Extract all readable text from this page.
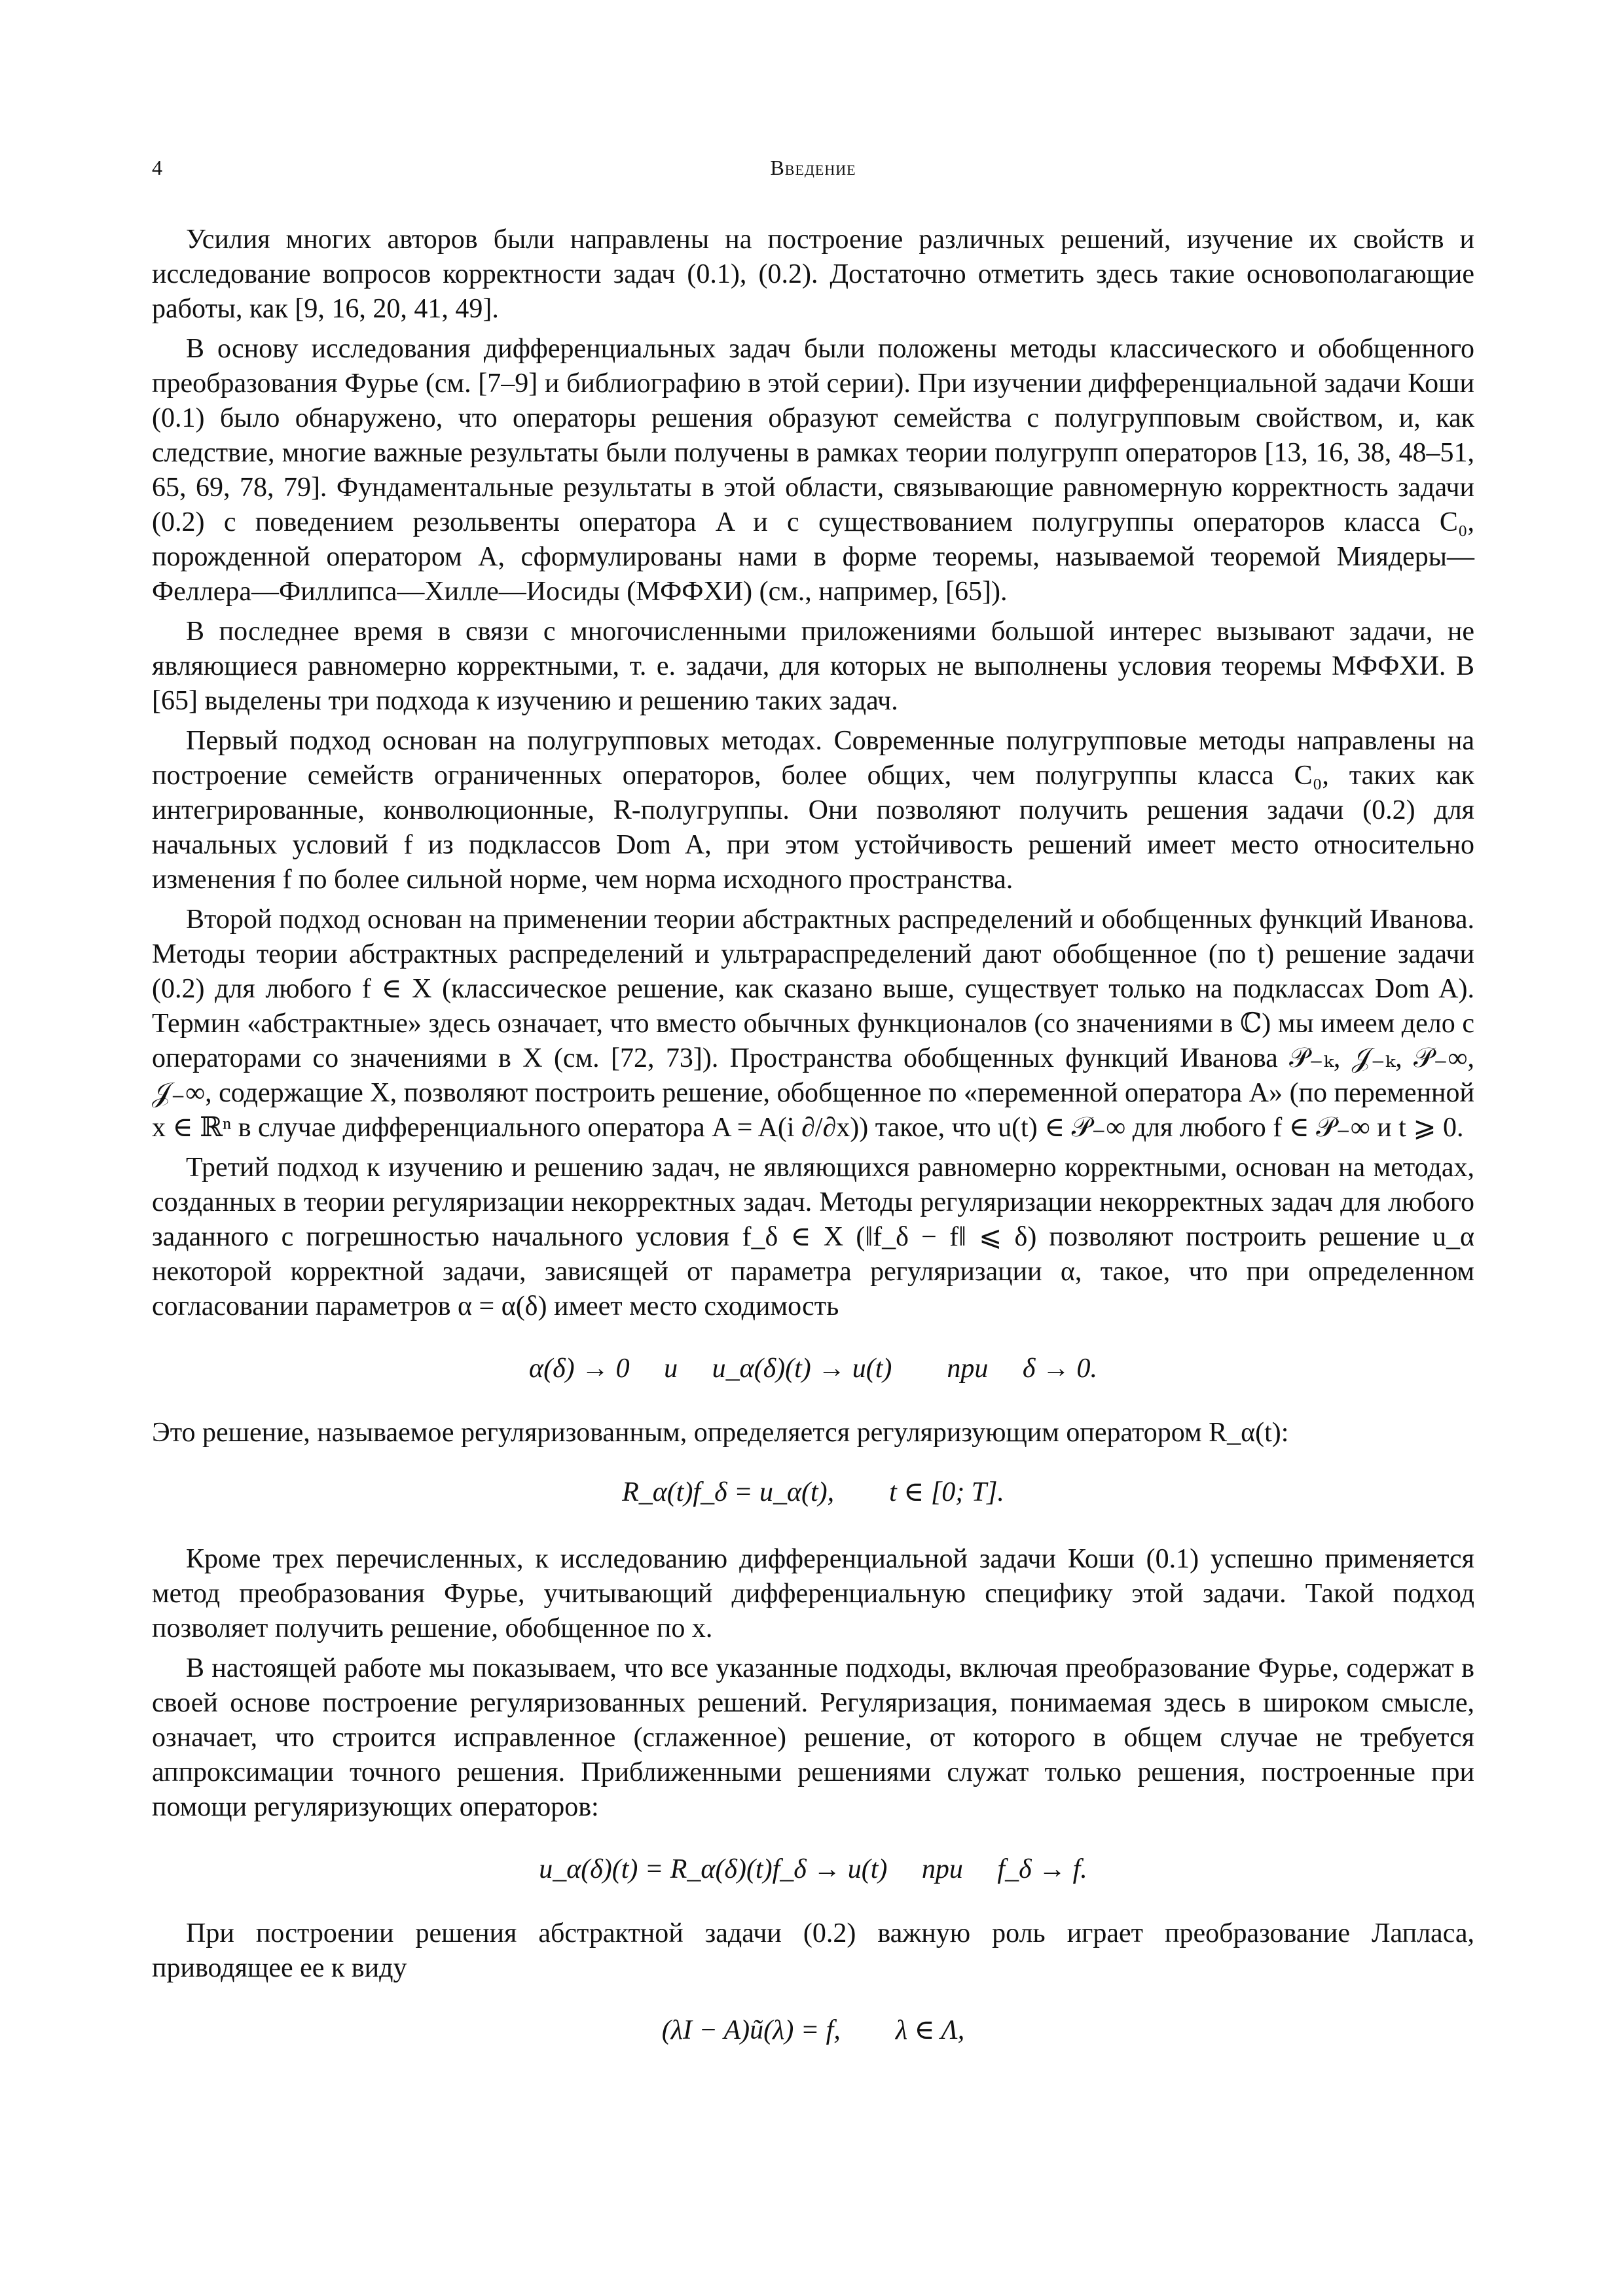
4	Введение

Усилия многих авторов были направлены на построение различных решений, изучение их свойств и исследование вопросов корректности задач (0.1), (0.2). Достаточно отметить здесь такие основополагающие работы, как [9, 16, 20, 41, 49].

В основу исследования дифференциальных задач были положены методы классического и обобщенного преобразования Фурье (см. [7–9] и библиографию в этой серии). При изучении дифференциальной задачи Коши (0.1) было обнаружено, что операторы решения образуют семейства с полугрупповым свойством, и, как следствие, многие важные результаты были получены в рамках теории полугрупп операторов [13, 16, 38, 48–51, 65, 69, 78, 79]. Фундаментальные результаты в этой области, связывающие равномерную корректность задачи (0.2) с поведением резольвенты оператора A и с существованием полугруппы операторов класса C₀, порожденной оператором A, сформулированы нами в форме теоремы, называемой теоремой Миядеры—Феллера—Филлипса—Хилле—Иосиды (МФФХИ) (см., например, [65]).

В последнее время в связи с многочисленными приложениями большой интерес вызывают задачи, не являющиеся равномерно корректными, т. е. задачи, для которых не выполнены условия теоремы МФФХИ. В [65] выделены три подхода к изучению и решению таких задач.

Первый подход основан на полугрупповых методах. Современные полугрупповые методы направлены на построение семейств ограниченных операторов, более общих, чем полугруппы класса C₀, таких как интегрированные, конволюционные, R-полугруппы. Они позволяют получить решения задачи (0.2) для начальных условий f из подклассов Dom A, при этом устойчивость решений имеет место относительно изменения f по более сильной норме, чем норма исходного пространства.

Второй подход основан на применении теории абстрактных распределений и обобщенных функций Иванова. Методы теории абстрактных распределений и ультрараспределений дают обобщенное (по t) решение задачи (0.2) для любого f ∈ X (классическое решение, как сказано выше, существует только на подклассах Dom A). Термин «абстрактные» здесь означает, что вместо обычных функционалов (со значениями в ℂ) мы имеем дело с операторами со значениями в X (см. [72, 73]). Пространства обобщенных функций Иванова 𝒫₋ₖ, 𝒥₋ₖ, 𝒫₋∞, 𝒥₋∞, содержащие X, позволяют построить решение, обобщенное по «переменной оператора A» (по переменной x ∈ ℝⁿ в случае дифференциального оператора A = A(i ∂/∂x)) такое, что u(t) ∈ 𝒫₋∞ для любого f ∈ 𝒫₋∞ и t ⩾ 0.

Третий подход к изучению и решению задач, не являющихся равномерно корректными, основан на методах, созданных в теории регуляризации некорректных задач. Методы регуляризации некорректных задач для любого заданного с погрешностью начального условия f_δ ∈ X (‖f_δ − f‖ ⩽ δ) позволяют построить решение u_α некоторой корректной задачи, зависящей от параметра регуляризации α, такое, что при определенном согласовании параметров α = α(δ) имеет место сходимость

α(δ) → 0     и     u_α(δ)(t) → u(t)        при     δ → 0.

Это решение, называемое регуляризованным, определяется регуляризующим оператором R_α(t):

R_α(t)f_δ = u_α(t),        t ∈ [0; T].

Кроме трех перечисленных, к исследованию дифференциальной задачи Коши (0.1) успешно применяется метод преобразования Фурье, учитывающий дифференциальную специфику этой задачи. Такой подход позволяет получить решение, обобщенное по x.

В настоящей работе мы показываем, что все указанные подходы, включая преобразование Фурье, содержат в своей основе построение регуляризованных решений. Регуляризация, понимаемая здесь в широком смысле, означает, что строится исправленное (сглаженное) решение, от которого в общем случае не требуется аппроксимации точного решения. Приближенными решениями служат только решения, построенные при помощи регуляризующих операторов:

u_α(δ)(t) = R_α(δ)(t)f_δ → u(t)     при     f_δ → f.

При построении решения абстрактной задачи (0.2) важную роль играет преобразование Лапласа, приводящее ее к виду

(λI − A)ũ(λ) = f,        λ ∈ Λ,
